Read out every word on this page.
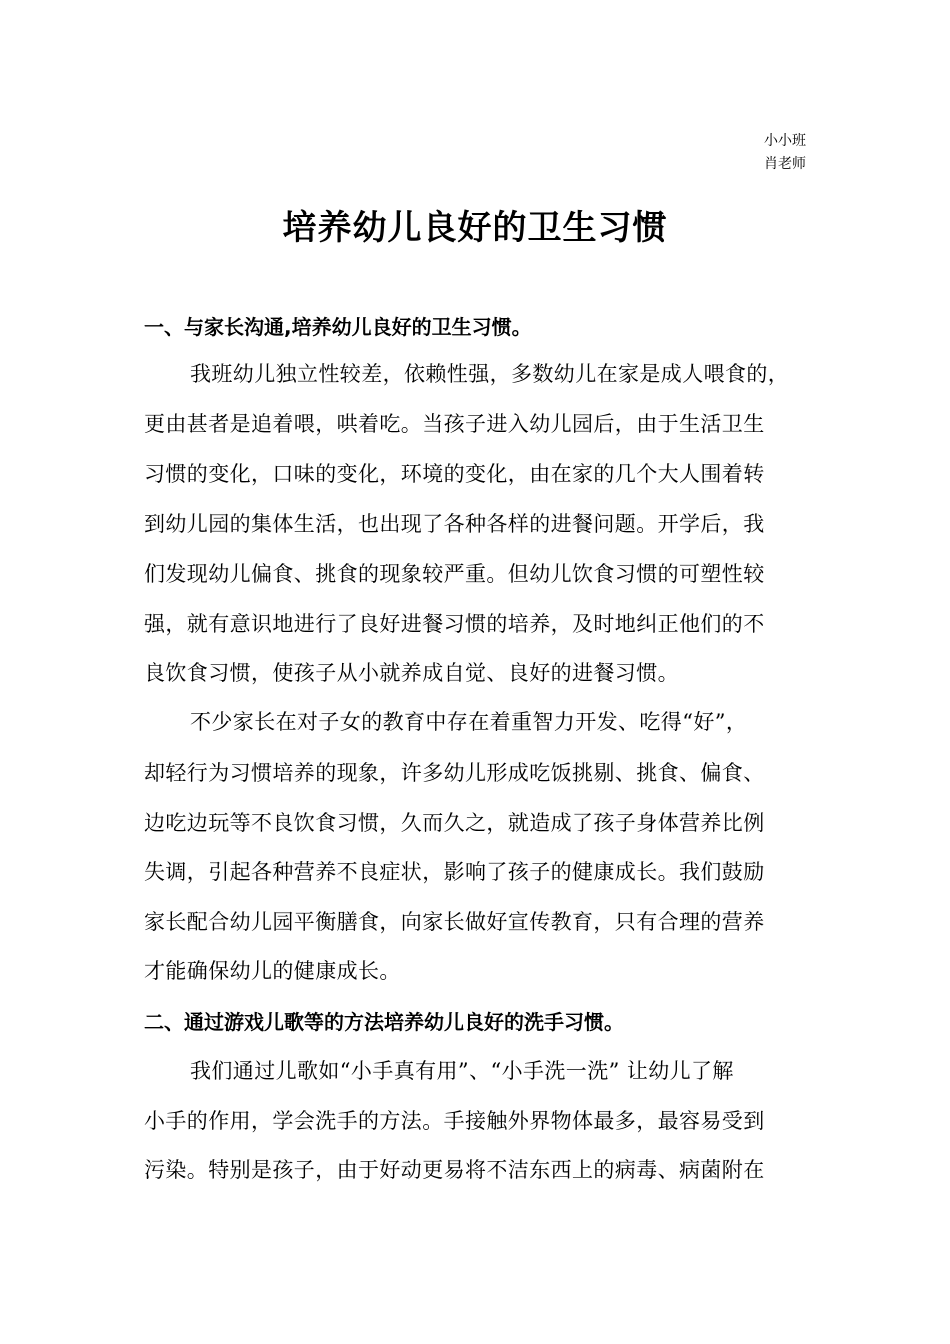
小小班
肖老师
培养幼儿良好的卫生习惯
一、与家长沟通,培养幼儿良好的卫生习惯。
我班幼儿独立性较差，依赖性强，多数幼儿在家是成人喂食的，
更由甚者是追着喂，哄着吃。当孩子进入幼儿园后，由于生活卫生
习惯的变化，口味的变化，环境的变化，由在家的几个大人围着转
到幼儿园的集体生活，也出现了各种各样的进餐问题。开学后，我
们发现幼儿偏食、挑食的现象较严重。但幼儿饮食习惯的可塑性较
强，就有意识地进行了良好进餐习惯的培养，及时地纠正他们的不
良饮食习惯，使孩子从小就养成自觉、良好的进餐习惯。
不少家长在对子女的教育中存在着重智力开发、吃得“好”，
却轻行为习惯培养的现象，许多幼儿形成吃饭挑剔、挑食、偏食、
边吃边玩等不良饮食习惯，久而久之，就造成了孩子身体营养比例
失调，引起各种营养不良症状，影响了孩子的健康成长。我们鼓励
家长配合幼儿园平衡膳食，向家长做好宣传教育，只有合理的营养
才能确保幼儿的健康成长。
二、通过游戏儿歌等的方法培养幼儿良好的洗手习惯。
我们通过儿歌如“小手真有用”、“小手洗一洗” 让幼儿了解
小手的作用，学会洗手的方法。手接触外界物体最多，最容易受到
污染。特别是孩子，由于好动更易将不洁东西上的病毒、病菌附在
